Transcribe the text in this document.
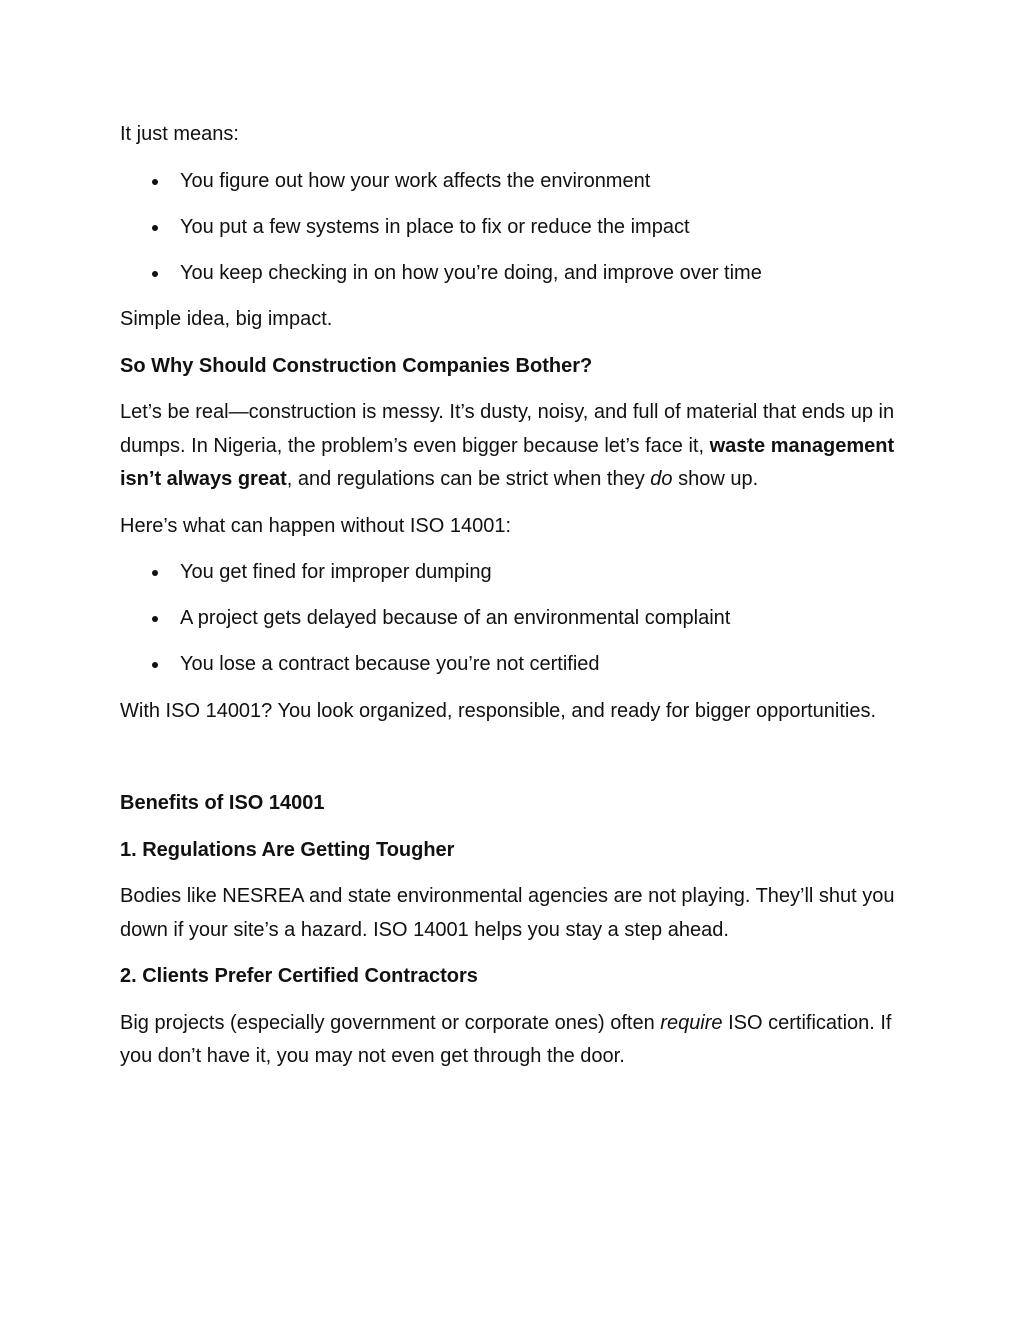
It just means:

You figure out how your work affects the environment
You put a few systems in place to fix or reduce the impact
You keep checking in on how you’re doing, and improve over time

Simple idea, big impact.

So Why Should Construction Companies Bother?

Let’s be real—construction is messy. It’s dusty, noisy, and full of material that ends up in dumps. In Nigeria, the problem’s even bigger because let’s face it, waste management isn’t always great, and regulations can be strict when they do show up.

Here’s what can happen without ISO 14001:

You get fined for improper dumping
A project gets delayed because of an environmental complaint
You lose a contract because you’re not certified

With ISO 14001? You look organized, responsible, and ready for bigger opportunities.

Benefits of ISO 14001

1. Regulations Are Getting Tougher

Bodies like NESREA and state environmental agencies are not playing. They’ll shut you down if your site’s a hazard. ISO 14001 helps you stay a step ahead.

2. Clients Prefer Certified Contractors

Big projects (especially government or corporate ones) often require ISO certification. If you don’t have it, you may not even get through the door.
